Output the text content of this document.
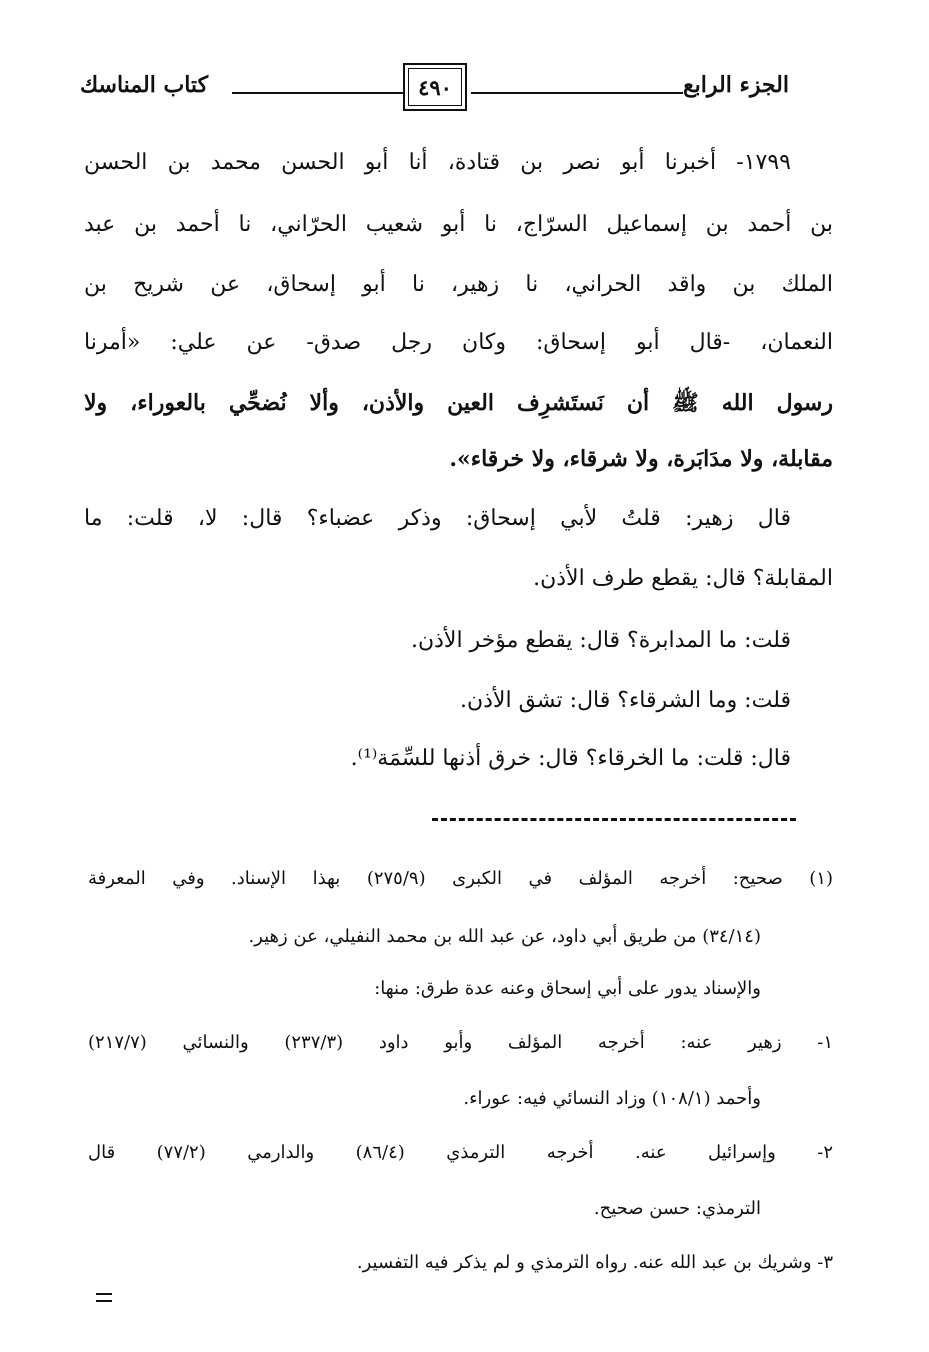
الجزء الرابع
٤٩٠
كتاب المناسك
١٧٩٩- أخبرنا أبو نصر بن قتادة، أنا أبو الحسن محمد بن الحسن
بن أحمد بن إسماعيل السرّاج، نا أبو شعيب الحرّاني، نا أحمد بن عبد
الملك بن واقد الحراني، نا زهير، نا أبو إسحاق، عن شريح بن
النعمان، -قال أبو إسحاق: وكان رجل صدق- عن علي: «أمرنا
رسول الله ﷺ أن نَستَشرِف العين والأذن، وألا نُضحِّي بالعوراء، ولا
مقابلة، ولا مدَابَرة، ولا شرقاء، ولا خرقاء».
قال زهير: قلتُ لأبي إسحاق: وذكر عضباء؟ قال: لا، قلت: ما
المقابلة؟ قال: يقطع طرف الأذن.
قلت: ما المدابرة؟ قال: يقطع مؤخر الأذن.
قلت: وما الشرقاء؟ قال: تشق الأذن.
قال: قلت: ما الخرقاء؟ قال: خرق أذنها للسِّمَة⁽¹⁾.
(١) صحيح: أخرجه المؤلف في الكبرى (٢٧٥/٩) بهذا الإسناد. وفي المعرفة
(٣٤/١٤) من طريق أبي داود، عن عبد الله بن محمد النفيلي، عن زهير.
والإسناد يدور على أبي إسحاق وعنه عدة طرق: منها:
١- زهير عنه: أخرجه المؤلف وأبو داود (٢٣٧/٣) والنسائي (٢١٧/٧)
وأحمد (١٠٨/١) وزاد النسائي فيه: عوراء.
٢- وإسرائيل عنه. أخرجه الترمذي (٨٦/٤) والدارمي (٧٧/٢) قال
الترمذي: حسن صحيح.
٣- وشريك بن عبد الله عنه. رواه الترمذي و لم يذكر فيه التفسير.
